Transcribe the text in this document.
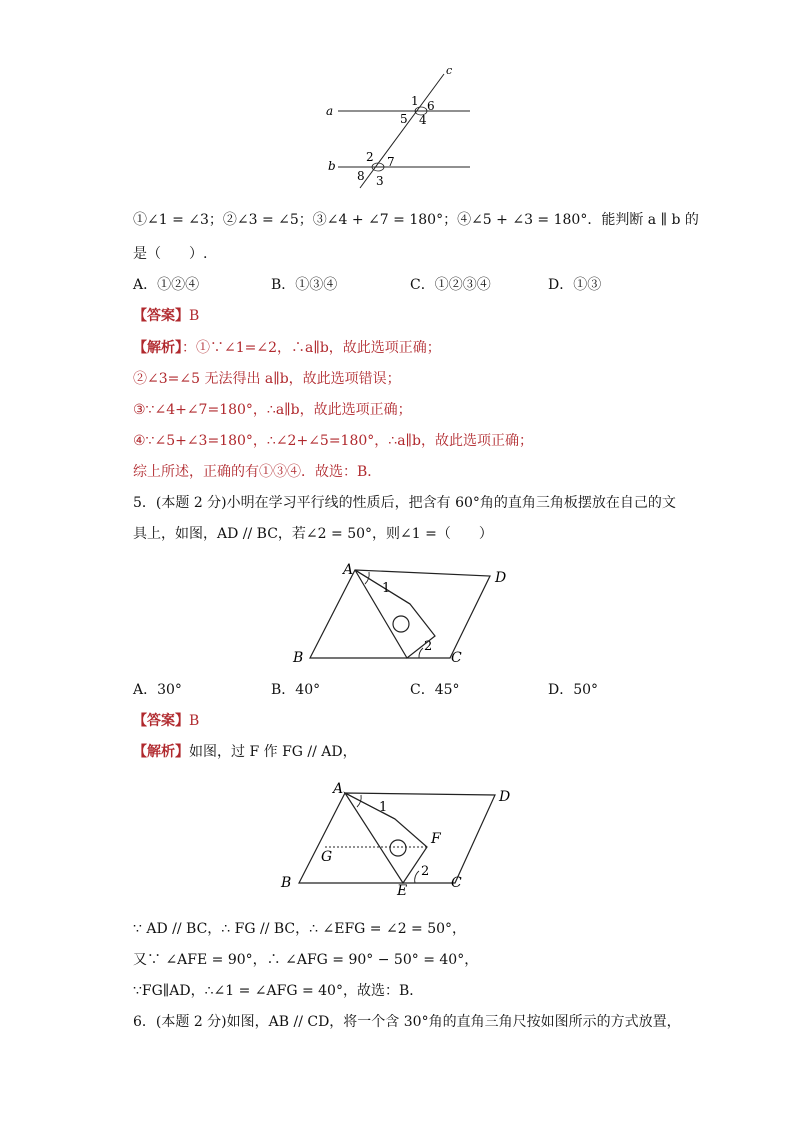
c
a
b
1 6
5 4
2 7
8 3
①∠1 = ∠3；②∠3 = ∠5；③∠4 + ∠7 = 180°；④∠5 + ∠3 = 180°．能判断 a ∥ b 的
是（　　）.
A．①②④	B．①③④	C．①②③④	D．①③
【答案】B
【解析】：①∵∠1=∠2，∴a∥b，故此选项正确；
②∠3=∠5 无法得出 a∥b，故此选项错误；
③∵∠4+∠7=180°，∴a∥b，故此选项正确；
④∵∠5+∠3=180°，∴∠2+∠5=180°，∴a∥b，故此选项正确；
综上所述，正确的有①③④．故选：B．
5．(本题 2 分)小明在学习平行线的性质后，把含有 60°角的直角三角板摆放在自己的文
具上，如图，AD // BC，若∠2 = 50°，则∠1 =（　　）
A	D
B	C
1
2
A．30°	B．40°	C．45°	D．50°
【答案】B
【解析】如图，过 F 作 FG // AD，
A	D
B	C
E
F
G
1
2
∵ AD // BC，∴ FG // BC，∴ ∠EFG = ∠2 = 50°，
又∵ ∠AFE = 90°，∴ ∠AFG = 90° − 50° = 40°，
∵FG∥AD，∴∠1 = ∠AFG = 40°，故选：B．
6．(本题 2 分)如图，AB // CD，将一个含 30°角的直角三角尺按如图所示的方式放置，
